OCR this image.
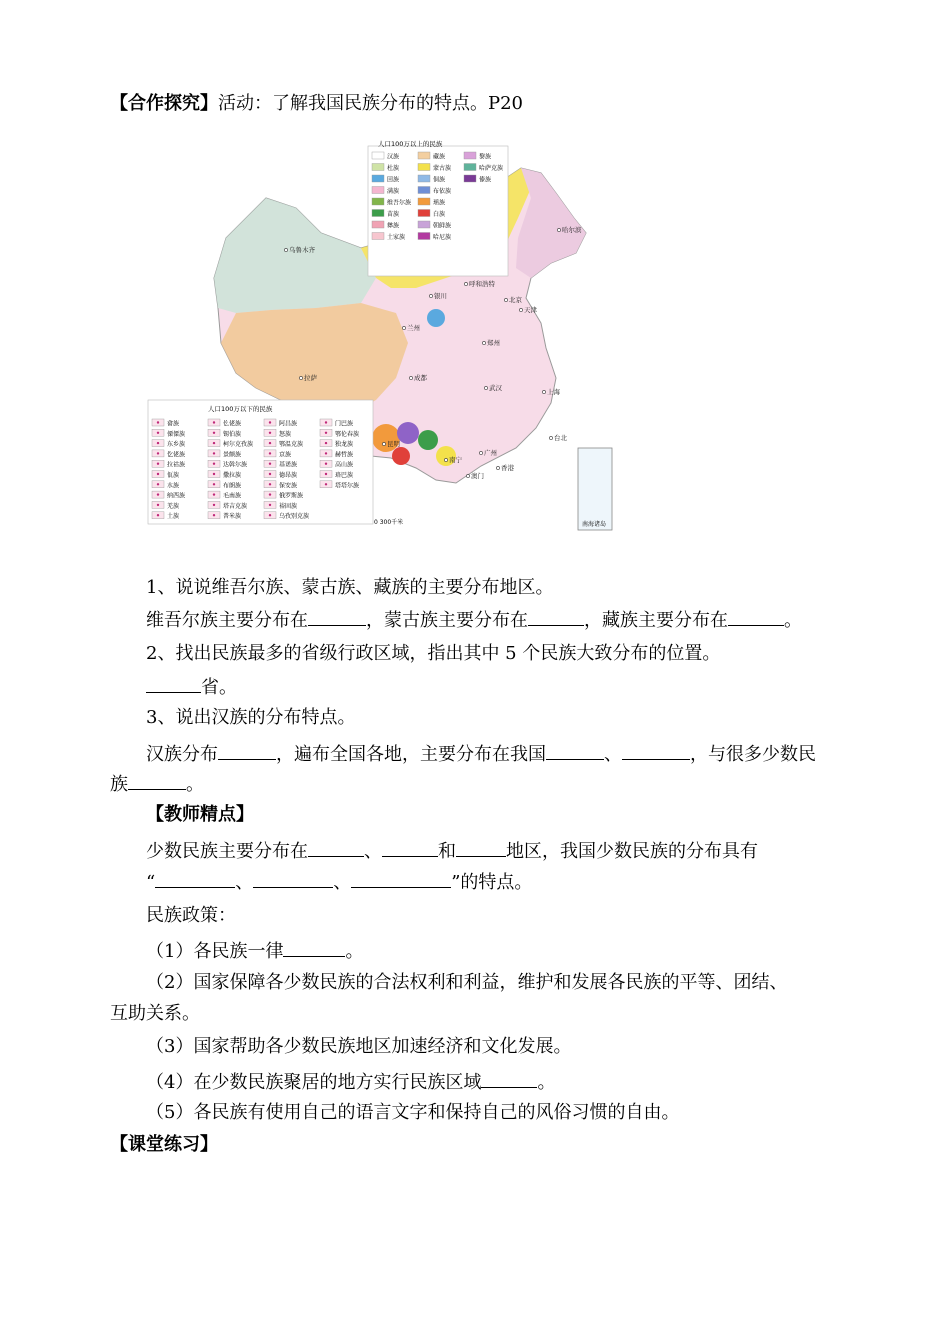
【合作探究】活动：了解我国民族分布的特点。P20
人口100万以上的民族
汉族
杜族
回族
满族
维吾尔族
苗族
彝族
土家族
藏族
蒙古族
侗族
布依族
瑶族
白族
朝鲜族
哈尼族
黎族
哈萨克族
傣族
人口100万以下的民族
畲族
傈僳族
东乡族
仡佬族
拉祜族
佤族
水族
纳西族
羌族
土族
仫佬族
锡伯族
柯尔克孜族
景颇族
达斡尔族
撒拉族
布朗族
毛南族
塔吉克族
普米族
阿昌族
怒族
鄂温克族
京族
基诺族
德昂族
保安族
俄罗斯族
裕固族
乌孜别克族
门巴族
鄂伦春族
独龙族
赫哲族
高山族
珞巴族
塔塔尔族
乌鲁木齐
呼和浩特
北京
天津
银川
兰州
郑州
拉萨	成都
武汉	上海
昆明
南宁
广州
香港
澳门
台北
哈尔滨
南海诸岛
0 300千米
1、说说维吾尔族、蒙古族、藏族的主要分布地区。
维吾尔族主要分布在	，蒙古族主要分布在	，藏族主要分布在	。
2、找出民族最多的省级行政区域，指出其中 5 个民族大致分布的位置。
省。
3、说出汉族的分布特点。
汉族分布	，遍布全国各地，主要分布在我国	、	，与很多少数民
族	。
【教师精点】
少数民族主要分布在	、	和	地区，我国少数民族的分布具有
“	、	、	”的特点。
民族政策：
（1）各民族一律	。
（2）国家保障各少数民族的合法权利和利益，维护和发展各民族的平等、团结、
互助关系。
（3）国家帮助各少数民族地区加速经济和文化发展。
（4）在少数民族聚居的地方实行民族区域	。
（5）各民族有使用自己的语言文字和保持自己的风俗习惯的自由。
【课堂练习】
